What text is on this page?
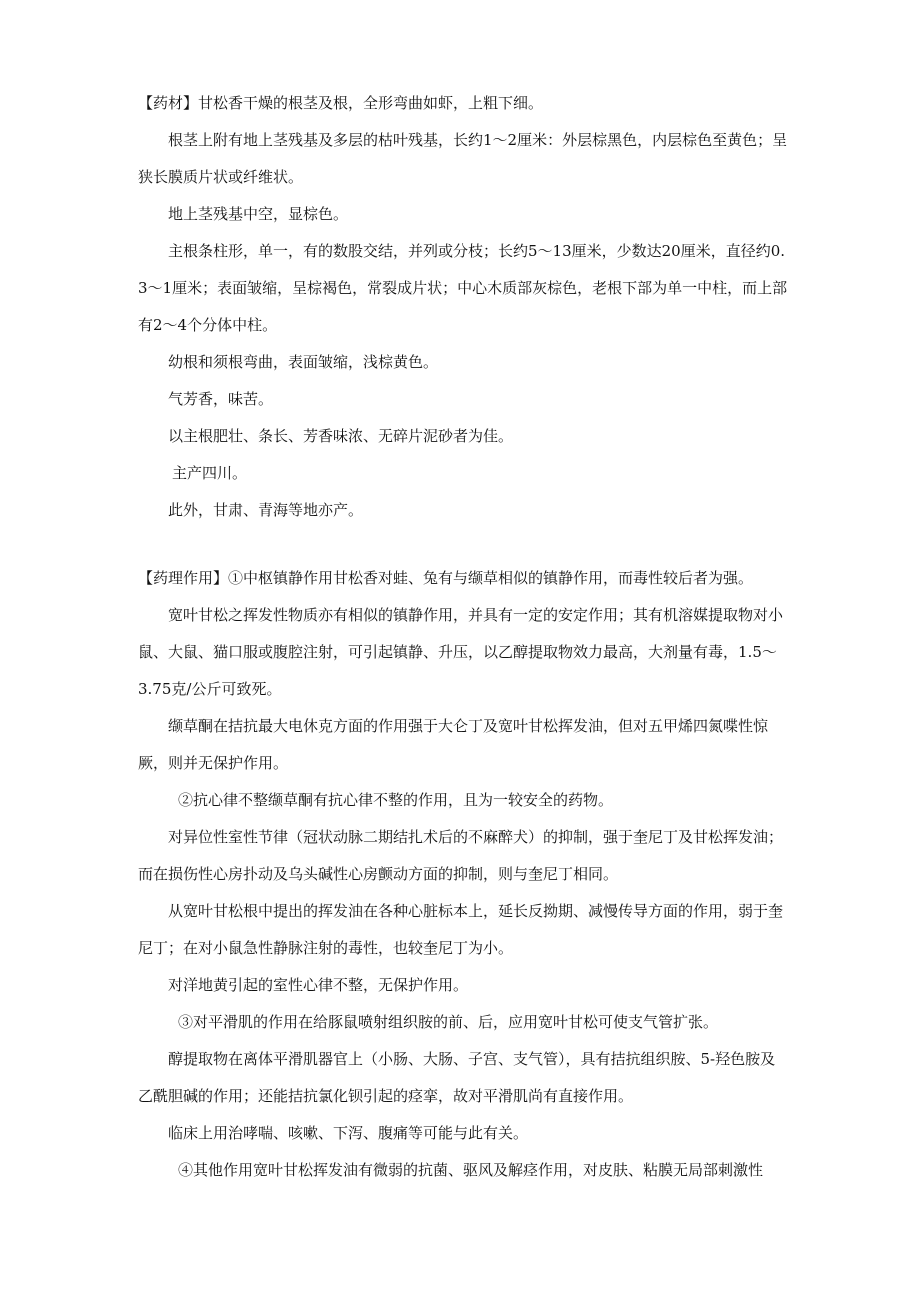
【药材】甘松香干燥的根茎及根，全形弯曲如虾，上粗下细。

根茎上附有地上茎残基及多层的枯叶残基，长约1～2厘米：外层棕黑色，内层棕色至黄色；呈狭长膜质片状或纤维状。

地上茎残基中空，显棕色。

主根条柱形，单一，有的数股交结，并列或分枝；长约5～13厘米，少数达20厘米，直径约0.3～1厘米；表面皱缩，呈棕褐色，常裂成片状；中心木质部灰棕色，老根下部为单一中柱，而上部有2～4个分体中柱。

幼根和须根弯曲，表面皱缩，浅棕黄色。

气芳香，味苦。

以主根肥壮、条长、芳香味浓、无碎片泥砂者为佳。

主产四川。

此外，甘肃、青海等地亦产。

【药理作用】①中枢镇静作用甘松香对蛙、兔有与缬草相似的镇静作用，而毒性较后者为强。

宽叶甘松之挥发性物质亦有相似的镇静作用，并具有一定的安定作用；其有机溶媒提取物对小鼠、大鼠、猫口服或腹腔注射，可引起镇静、升压，以乙醇提取物效力最高，大剂量有毒，1.5～3.75克/公斤可致死。

缬草酮在拮抗最大电休克方面的作用强于大仑丁及宽叶甘松挥发油，但对五甲烯四氮喋性惊厥，则并无保护作用。

②抗心律不整缬草酮有抗心律不整的作用，且为一较安全的药物。

对异位性室性节律（冠状动脉二期结扎术后的不麻醉犬）的抑制，强于奎尼丁及甘松挥发油；而在损伤性心房扑动及乌头碱性心房颤动方面的抑制，则与奎尼丁相同。

从宽叶甘松根中提出的挥发油在各种心脏标本上，延长反拗期、减慢传导方面的作用，弱于奎尼丁；在对小鼠急性静脉注射的毒性，也较奎尼丁为小。

对洋地黄引起的室性心律不整，无保护作用。

③对平滑肌的作用在给豚鼠喷射组织胺的前、后，应用宽叶甘松可使支气管扩张。

醇提取物在离体平滑肌器官上（小肠、大肠、子宫、支气管），具有拮抗组织胺、5-羟色胺及乙酰胆碱的作用；还能拮抗氯化钡引起的痉挛，故对平滑肌尚有直接作用。

临床上用治哮喘、咳嗽、下泻、腹痛等可能与此有关。

④其他作用宽叶甘松挥发油有微弱的抗菌、驱风及解痉作用，对皮肤、粘膜无局部刺激性
